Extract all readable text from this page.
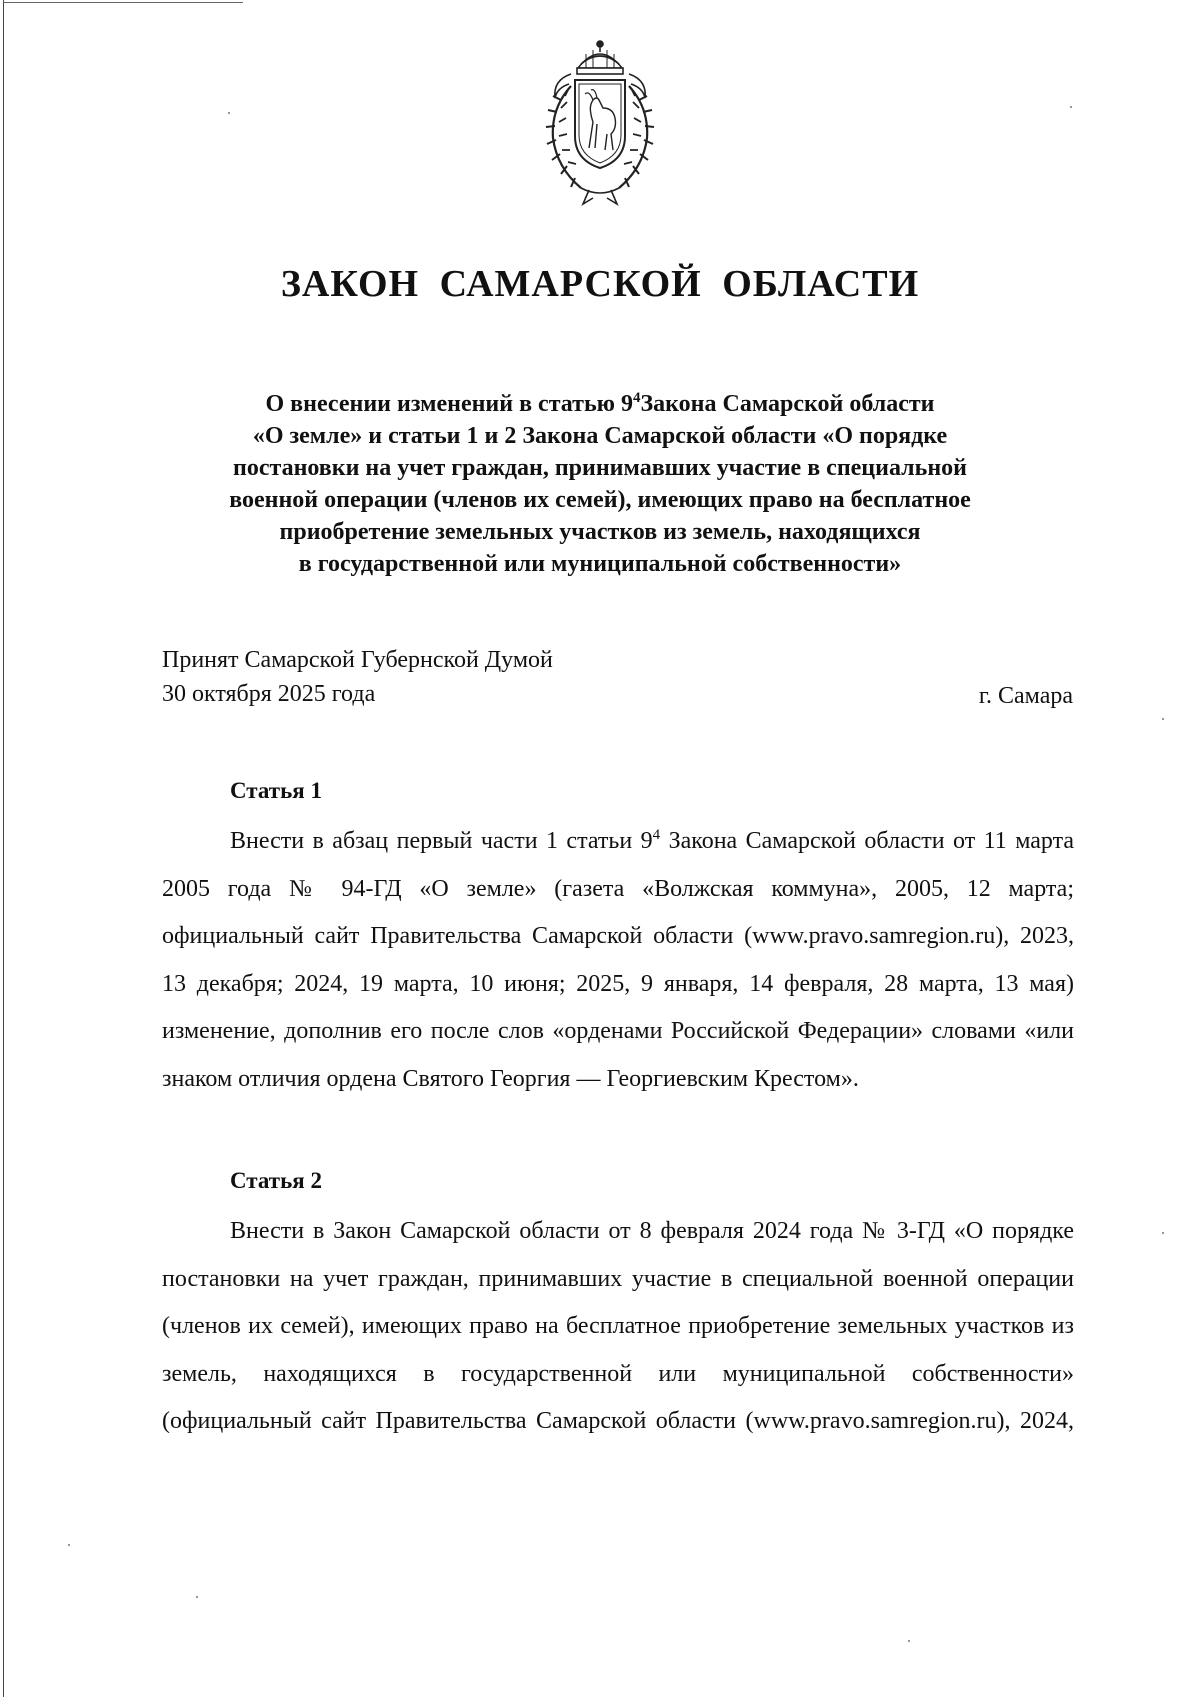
ЗАКОН САМАРСКОЙ ОБЛАСТИ
О внесении изменений в статью $9^4Закона$ Самарской области
«О земле» и статьи 1 и 2 Закона Самарской области «О порядке
постановки на учет граждан, принимавших участие в специальной
военной операции (членов их семей), имеющих право на бесплатное
приобретение земельных участков из земель, находящихся
в государственной или муниципальной собственности»
Принят Самарской Губернской Думой
30 октября 2025 года	г. Самара
Статья 1

Внести в абзац первый части 1 статьи $9^4$ Закона Самарской области от 11 марта 2005 года № 94-ГД «О земле» (газета «Волжская коммуна», 2005, 12 марта; официальный сайт Правительства Самарской области (www.pravo.samregion.ru), 2023, 13 декабря; 2024, 19 марта, 10 июня; 2025, 9 января, 14 февраля, 28 марта, 13 мая) изменение, дополнив его после слов «орденами Российской Федерации» словами «или знаком отличия ордена Святого Георгия — Георгиевским Крестом».

Статья 2

Внести в Закон Самарской области от 8 февраля 2024 года № 3-ГД «О порядке постановки на учет граждан, принимавших участие в специальной военной операции (членов их семей), имеющих право на бесплатное приобретение земельных участков из земель, находящихся в государственной или муниципальной собственности» (официальный сайт Правительства Самарской области (www.pravo.samregion.ru), 2024,
